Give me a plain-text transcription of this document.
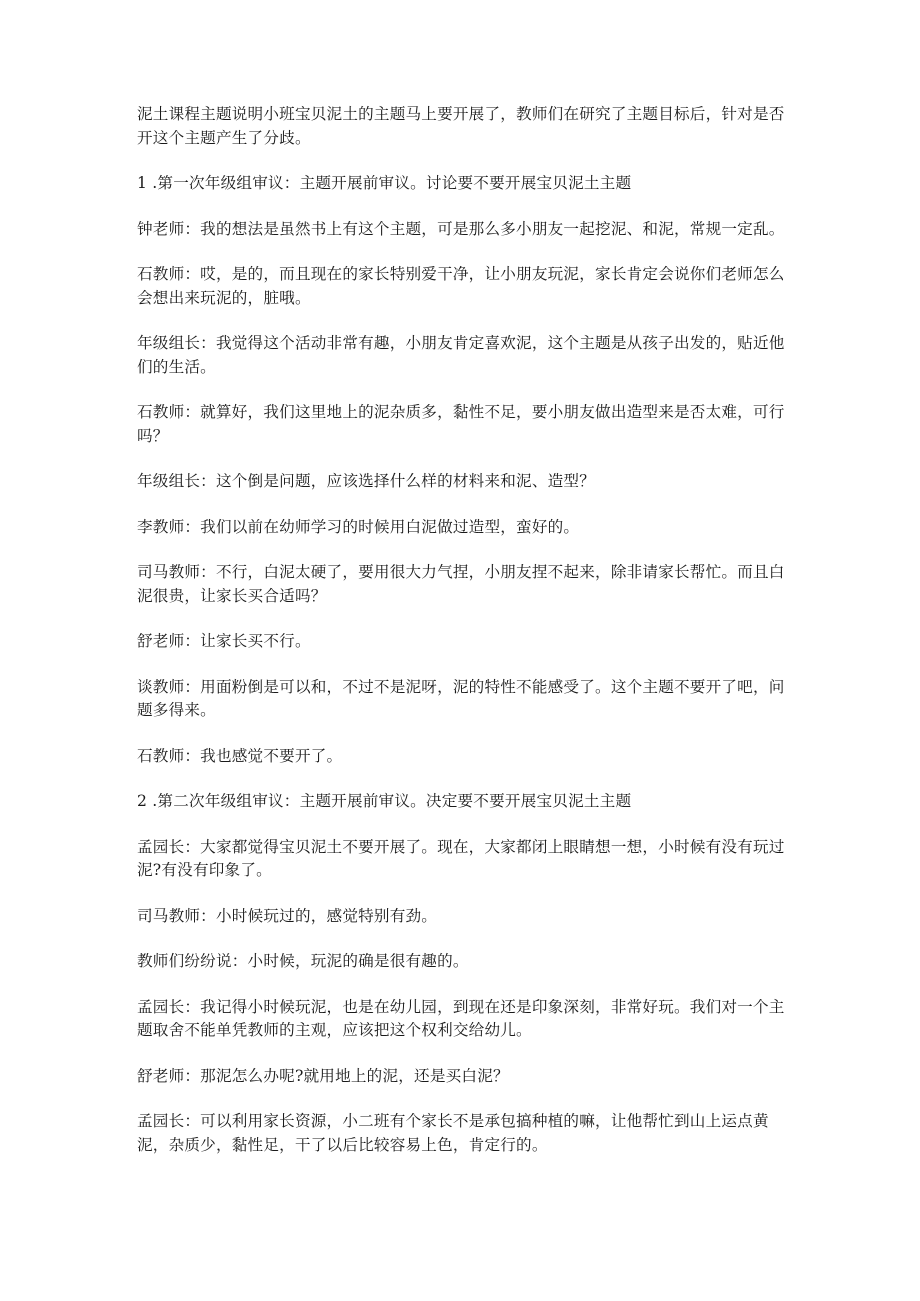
泥土课程主题说明小班宝贝泥土的主题马上要开展了，教师们在研究了主题目标后，针对是否开这个主题产生了分歧。

1 .第一次年级组审议：主题开展前审议。讨论要不要开展宝贝泥土主题

钟老师：我的想法是虽然书上有这个主题，可是那么多小朋友一起挖泥、和泥，常规一定乱。

石教师：哎，是的，而且现在的家长特别爱干净，让小朋友玩泥，家长肯定会说你们老师怎么会想出来玩泥的，脏哦。

年级组长：我觉得这个活动非常有趣，小朋友肯定喜欢泥，这个主题是从孩子出发的，贴近他们的生活。

石教师：就算好，我们这里地上的泥杂质多，黏性不足，要小朋友做出造型来是否太难，可行吗？

年级组长：这个倒是问题，应该选择什么样的材料来和泥、造型？

李教师：我们以前在幼师学习的时候用白泥做过造型，蛮好的。

司马教师：不行，白泥太硬了，要用很大力气捏，小朋友捏不起来，除非请家长帮忙。而且白泥很贵，让家长买合适吗？

舒老师：让家长买不行。

谈教师：用面粉倒是可以和，不过不是泥呀，泥的特性不能感受了。这个主题不要开了吧，问题多得来。

石教师：我也感觉不要开了。

2 .第二次年级组审议：主题开展前审议。决定要不要开展宝贝泥土主题

孟园长：大家都觉得宝贝泥土不要开展了。现在，大家都闭上眼睛想一想，小时候有没有玩过泥?有没有印象了。

司马教师：小时候玩过的，感觉特别有劲。

教师们纷纷说：小时候，玩泥的确是很有趣的。

孟园长：我记得小时候玩泥，也是在幼儿园，到现在还是印象深刻，非常好玩。我们对一个主题取舍不能单凭教师的主观，应该把这个权利交给幼儿。

舒老师：那泥怎么办呢?就用地上的泥，还是买白泥？

孟园长：可以利用家长资源，小二班有个家长不是承包搞种植的嘛，让他帮忙到山上运点黄泥，杂质少，黏性足，干了以后比较容易上色，肯定行的。
